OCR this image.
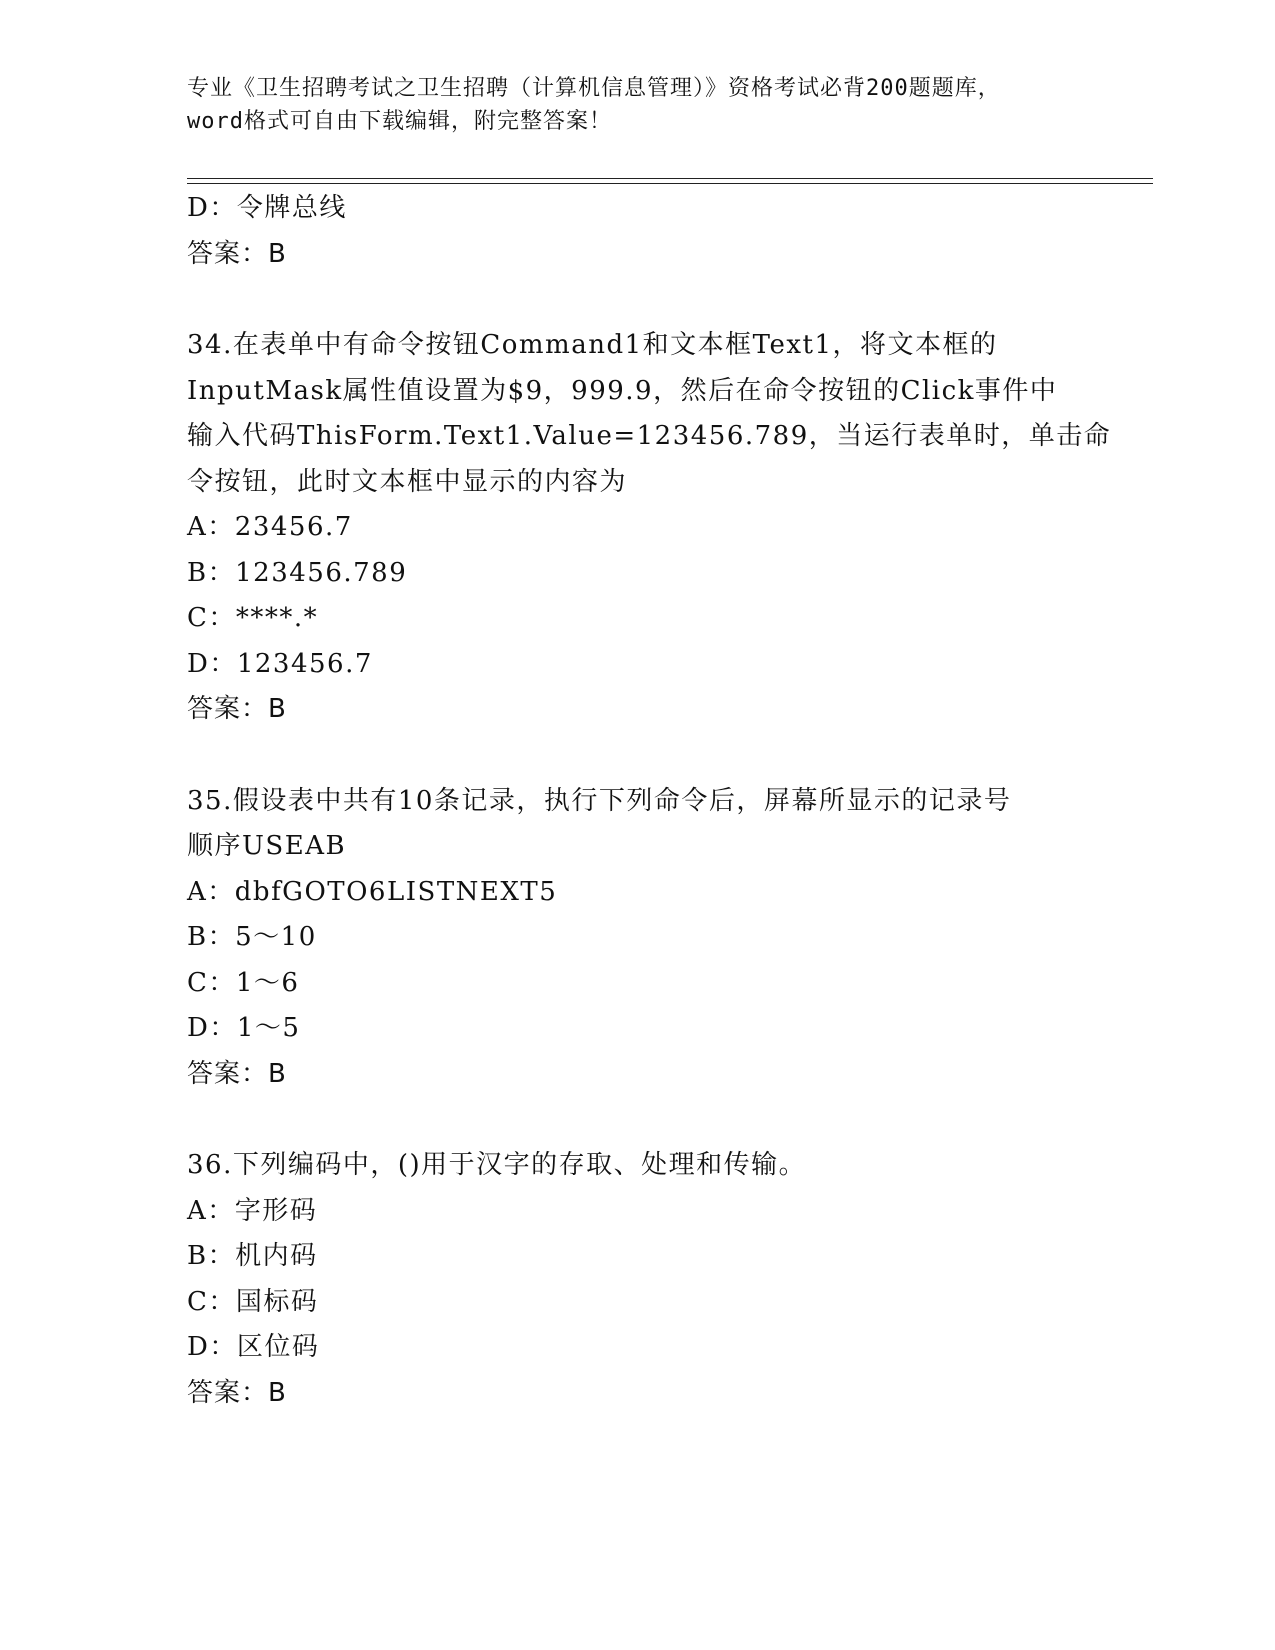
专业《卫生招聘考试之卫生招聘（计算机信息管理）》资格考试必背200题题库，
word格式可自由下载编辑，附完整答案！
D：令牌总线
答案：B
34.在表单中有命令按钮Command1和文本框Text1，将文本框的
InputMask属性值设置为$9，999.9，然后在命令按钮的Click事件中
输入代码ThisForm.Text1.Value=123456.789，当运行表单时，单击命
令按钮，此时文本框中显示的内容为
A：23456.7
B：123456.789
C：****.*
D：123456.7
答案：B
35.假设表中共有10条记录，执行下列命令后，屏幕所显示的记录号
顺序USEAB
A：dbfGOTO6LISTNEXT5
B：5～10
C：1～6
D：1～5
答案：B
36.下列编码中，()用于汉字的存取、处理和传输。
A：字形码
B：机内码
C：国标码
D：区位码
答案：B
